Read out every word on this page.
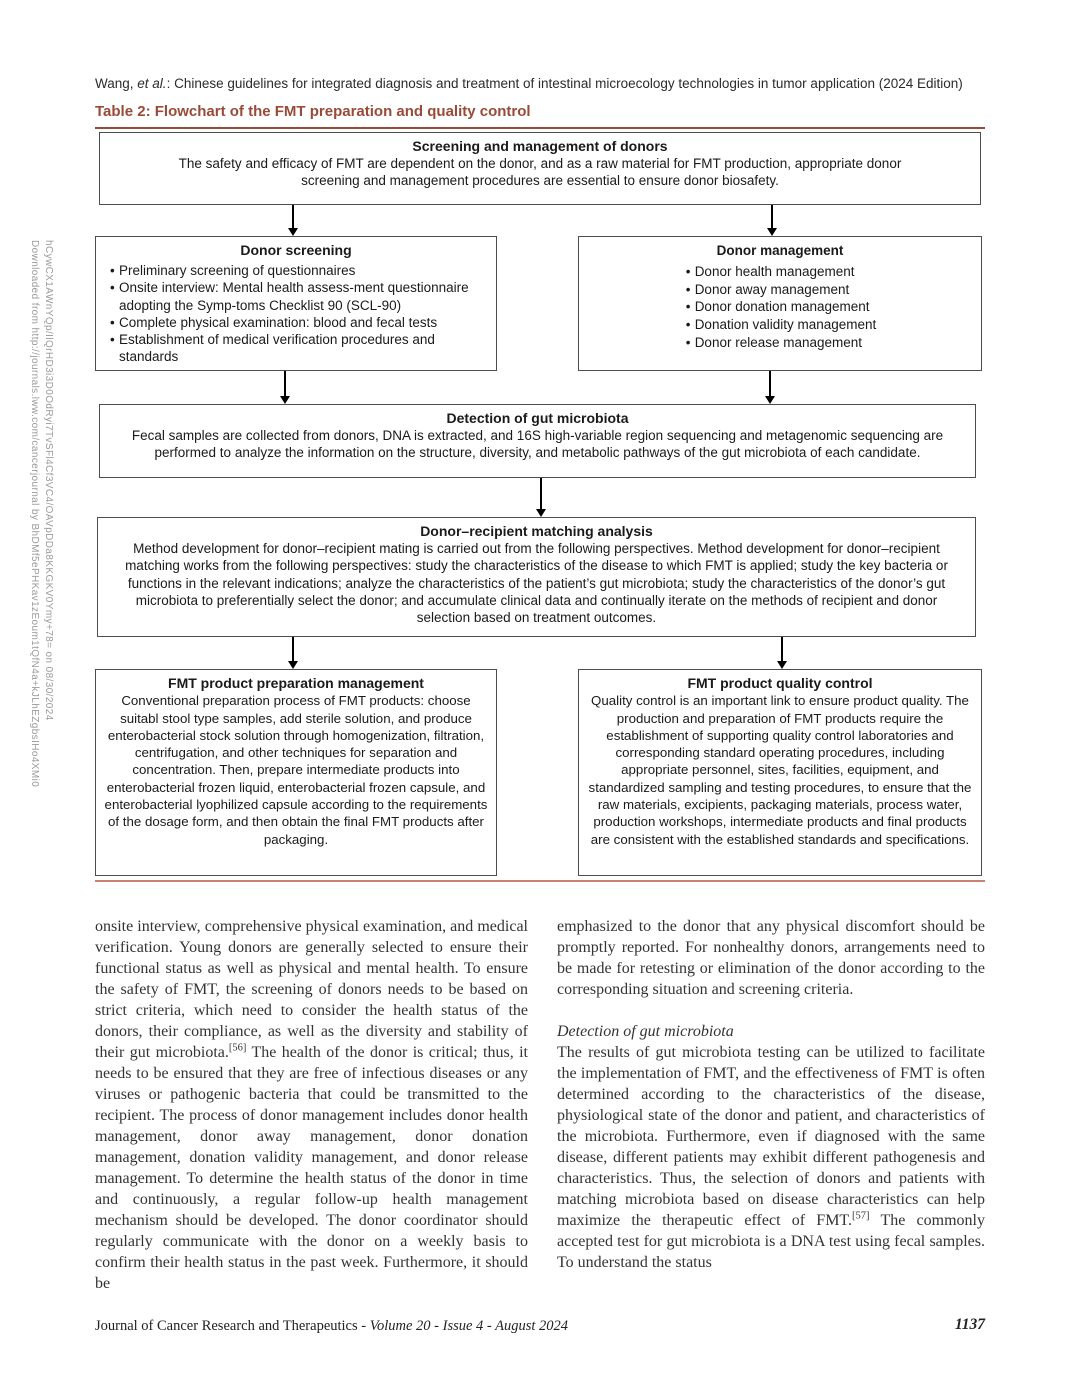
Downloaded from http://journals.lww.com/cancerjournal by BhDMf5ePHKav1zEoum1tQfN4a+kJLhEZgbsIHo4XMi0 hCywCX1AWnYQp/IlQrHD3i3D0OdRyi7TvSFl4Cf3VC4/OAVpDDa8KKGKV0Ymy+78= on 08/30/2024
Wang, et al.: Chinese guidelines for integrated diagnosis and treatment of intestinal microecology technologies in tumor application (2024 Edition)
Table 2: Flowchart of the FMT preparation and quality control
Screening and management of donors
The safety and efficacy of FMT are dependent on the donor, and as a raw material for FMT production, appropriate donor screening and management procedures are essential to ensure donor biosafety.
Donor screening
• Preliminary screening of questionnaires
• Onsite interview: Mental health assess-ment questionnaire adopting the Symp-toms Checklist 90 (SCL-90)
• Complete physical examination: blood and fecal tests
• Establishment of medical verification procedures and standards
Donor management
• Donor health management
• Donor away management
• Donor donation management
• Donation validity management
• Donor release management
Detection of gut microbiota
Fecal samples are collected from donors, DNA is extracted, and 16S high-variable region sequencing and metagenomic sequencing are performed to analyze the information on the structure, diversity, and metabolic pathways of the gut microbiota of each candidate.
Donor–recipient matching analysis
Method development for donor–recipient mating is carried out from the following perspectives. Method development for donor–recipient matching works from the following perspectives: study the characteristics of the disease to which FMT is applied; study the key bacteria or functions in the relevant indications; analyze the characteristics of the patient’s gut microbiota; study the characteristics of the donor’s gut microbiota to preferentially select the donor; and accumulate clinical data and continually iterate on the methods of recipient and donor selection based on treatment outcomes.
FMT product preparation management
Conventional preparation process of FMT products: choose suitabl stool type samples, add sterile solution, and produce enterobacterial stock solution through homogenization, filtration, centrifugation, and other techniques for separation and concentration. Then, prepare intermediate products into enterobacterial frozen liquid, enterobacterial frozen capsule, and enterobacterial lyophilized capsule according to the requirements of the dosage form, and then obtain the final FMT products after packaging.
FMT product quality control
Quality control is an important link to ensure product quality. The production and preparation of FMT products require the establishment of supporting quality control laboratories and corresponding standard operating procedures, including appropriate personnel, sites, facilities, equipment, and standardized sampling and testing procedures, to ensure that the raw materials, excipients, packaging materials, process water, production workshops, intermediate products and final products are consistent with the established standards and specifications.

onsite interview, comprehensive physical examination, and medical verification. Young donors are generally selected to ensure their functional status as well as physical and mental health. To ensure the safety of FMT, the screening of donors needs to be based on strict criteria, which need to consider the health status of the donors, their compliance, as well as the diversity and stability of their gut microbiota.[56] The health of the donor is critical; thus, it needs to be ensured that they are free of infectious diseases or any viruses or pathogenic bacteria that could be transmitted to the recipient. The process of donor management includes donor health management, donor away management, donor donation management, donation validity management, and donor release management. To determine the health status of the donor in time and continuously, a regular follow-up health management mechanism should be developed. The donor coordinator should regularly communicate with the donor on a weekly basis to confirm their health status in the past week. Furthermore, it should be

emphasized to the donor that any physical discomfort should be promptly reported. For nonhealthy donors, arrangements need to be made for retesting or elimination of the donor according to the corresponding situation and screening criteria.

Detection of gut microbiota

The results of gut microbiota testing can be utilized to facilitate the implementation of FMT, and the effectiveness of FMT is often determined according to the characteristics of the disease, physiological state of the donor and patient, and characteristics of the microbiota. Furthermore, even if diagnosed with the same disease, different patients may exhibit different pathogenesis and characteristics. Thus, the selection of donors and patients with matching microbiota based on disease characteristics can help maximize the therapeutic effect of FMT.[57] The commonly accepted test for gut microbiota is a DNA test using fecal samples. To understand the status

Journal of Cancer Research and Therapeutics - Volume 20 - Issue 4 - August 2024	1137
